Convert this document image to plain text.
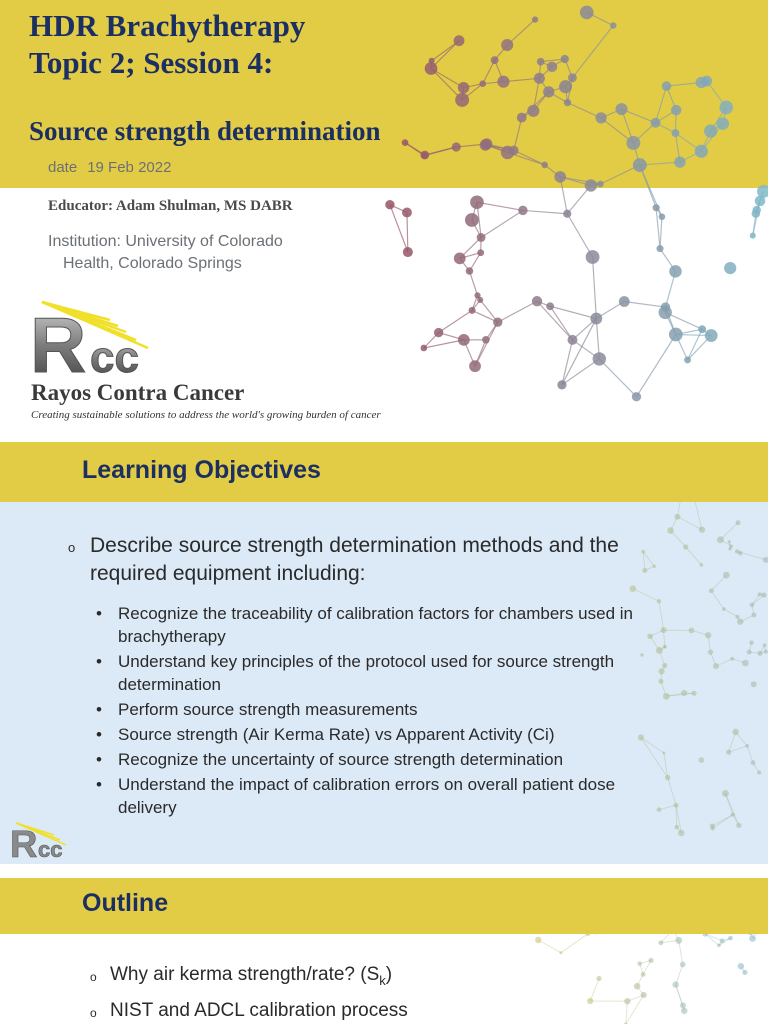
HDR Brachytherapy
Topic 2; Session 4:
Source strength determination
date 19 Feb 2022
Educator: Adam Shulman, MS DABR
Institution: University of Colorado
Health, Colorado Springs
R cc
Rayos Contra Cancer
Creating sustainable solutions to address the world's growing burden of cancer
Learning Objectives
o Describe source strength determination methods and the required equipment including:
• Recognize the traceability of calibration factors for chambers used in brachytherapy
• Understand key principles of the protocol used for source strength determination
• Perform source strength measurements
• Source strength (Air Kerma Rate) vs Apparent Activity (Ci)
• Recognize the uncertainty of source strength determination
• Understand the impact of calibration errors on overall patient dose delivery
R cc
Outline
o Why air kerma strength/rate? $(S_k)$
o NIST and ADCL calibration process
